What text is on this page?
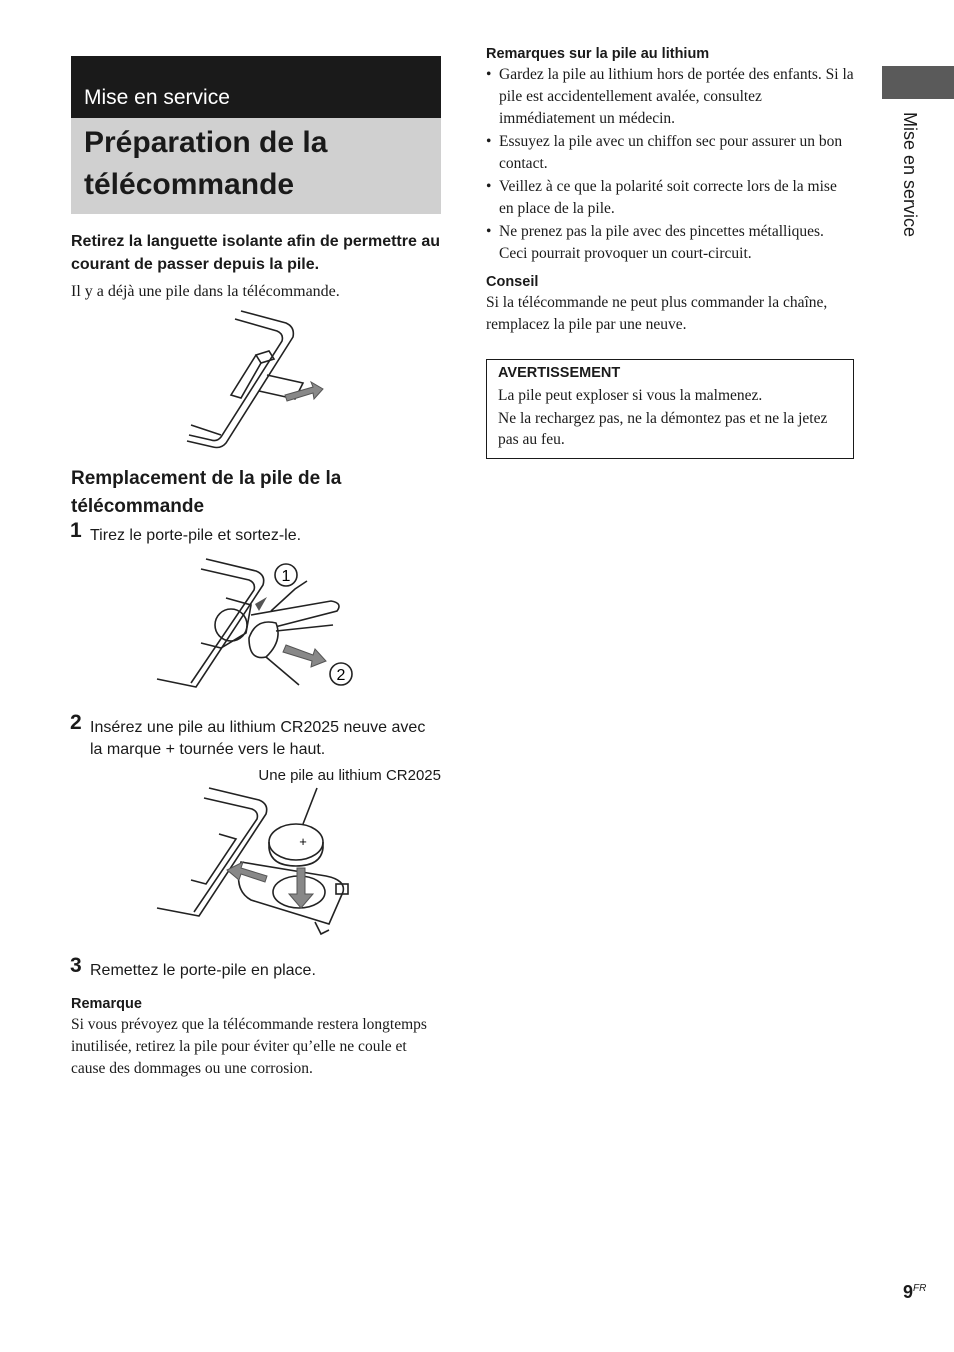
Mise en service
Préparation de la
télécommande

Retirez la languette isolante afin de permettre au courant de passer depuis la pile.

Il y a déjà une pile dans la télécommande.

Remplacement de la pile de la
télécommande
1 Tirez le porte-pile et sortez-le.
1
2
2 Insérez une pile au lithium CR2025 neuve avec la marque + tournée vers le haut.
Une pile au lithium CR2025
+
3 Remettez le porte-pile en place.

Remarque

Si vous prévoyez que la télécommande restera longtemps inutilisée, retirez la pile pour éviter qu’elle ne coule et cause des dommages ou une corrosion.

Remarques sur la pile au lithium

• Gardez la pile au lithium hors de portée des enfants. Si la pile est accidentellement avalée, consultez immédiatement un médecin.
• Essuyez la pile avec un chiffon sec pour assurer un bon contact.
• Veillez à ce que la polarité soit correcte lors de la mise en place de la pile.
• Ne prenez pas la pile avec des pincettes métalliques. Ceci pourrait provoquer un court-circuit.

Conseil

Si la télécommande ne peut plus commander la chaîne, remplacez la pile par une neuve.

AVERTISSEMENT

La pile peut exploser si vous la malmenez.

Ne la rechargez pas, ne la démontez pas et ne la jetez pas au feu.

Mise en service
$9^{FR}$
